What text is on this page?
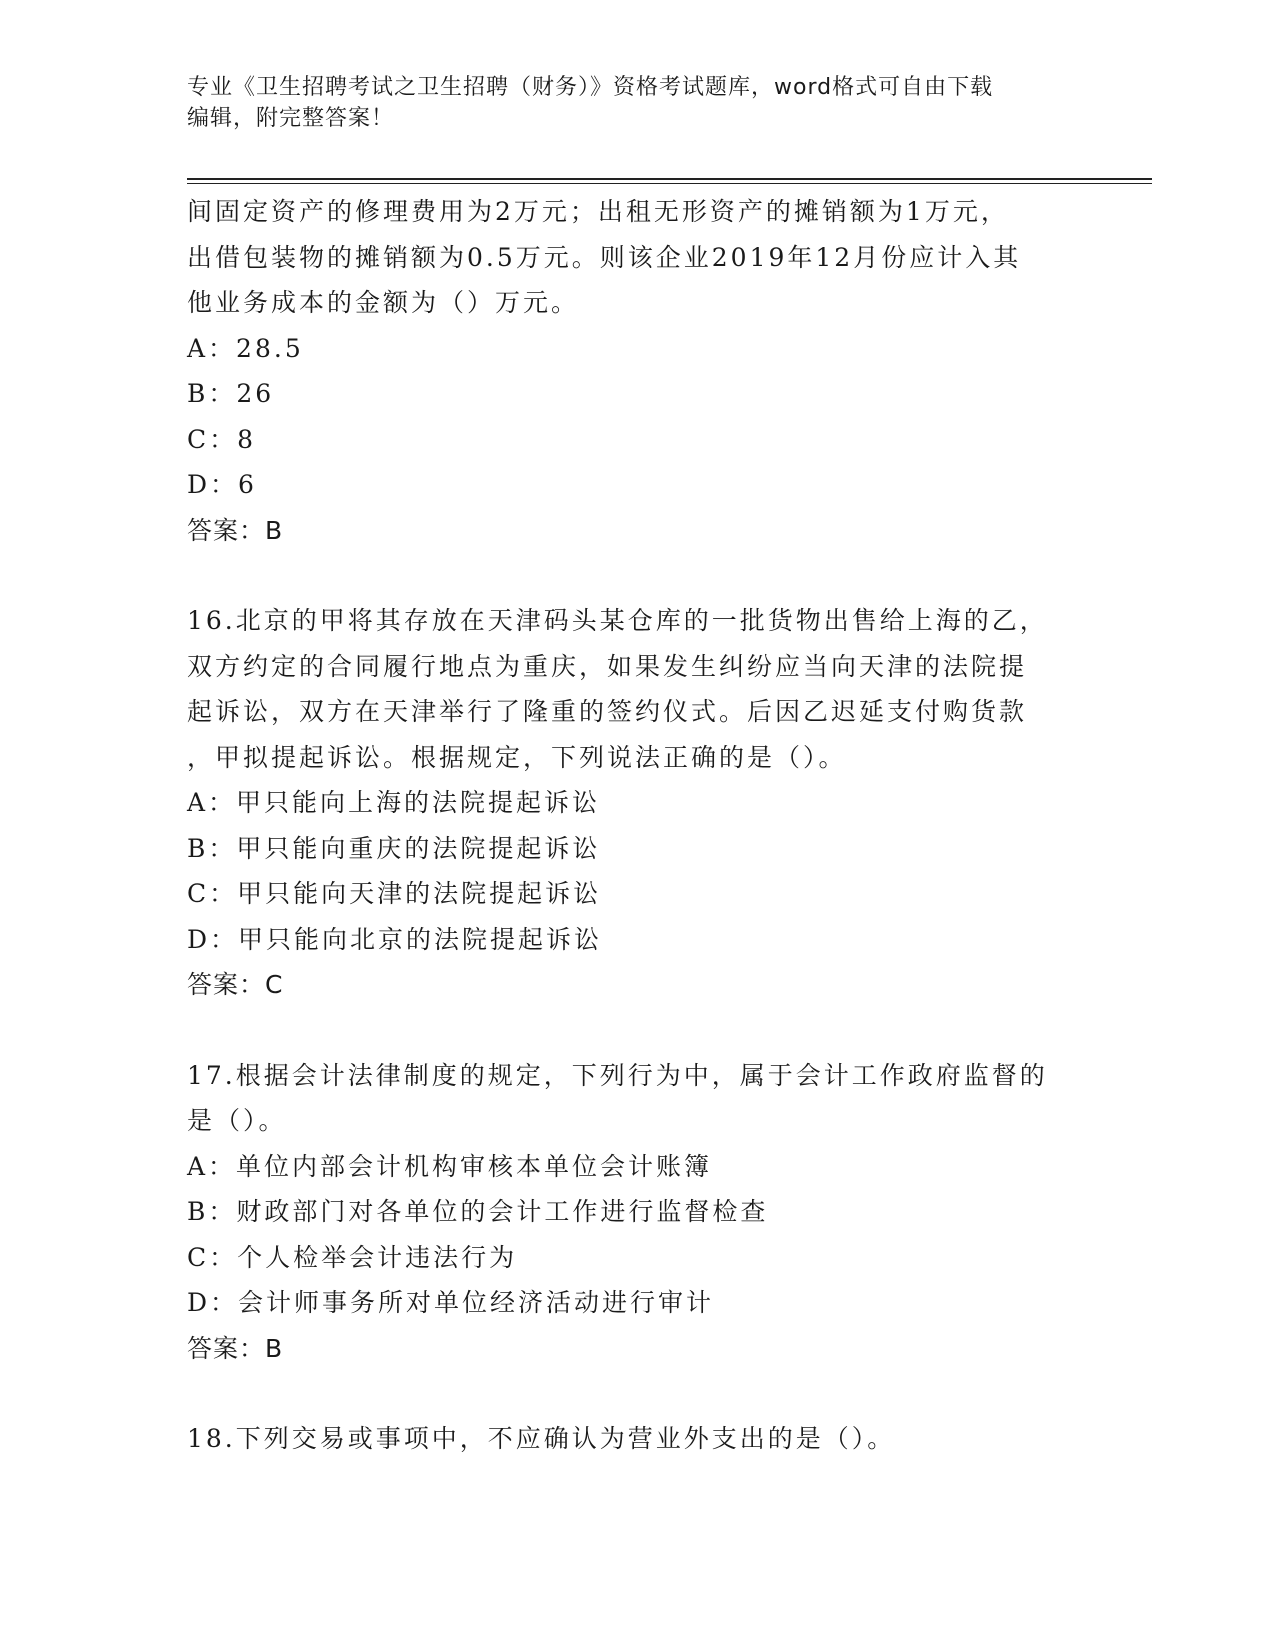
专业《卫生招聘考试之卫生招聘（财务）》资格考试题库，word格式可自由下载
编辑，附完整答案！
间固定资产的修理费用为2万元；出租无形资产的摊销额为1万元，
出借包装物的摊销额为0.5万元。则该企业2019年12月份应计入其
他业务成本的金额为（）万元。
A：28.5
B：26
C：8
D：6
答案：B
16.北京的甲将其存放在天津码头某仓库的一批货物出售给上海的乙，
双方约定的合同履行地点为重庆，如果发生纠纷应当向天津的法院提
起诉讼，双方在天津举行了隆重的签约仪式。后因乙迟延支付购货款
，甲拟提起诉讼。根据规定，下列说法正确的是（）。
A：甲只能向上海的法院提起诉讼
B：甲只能向重庆的法院提起诉讼
C：甲只能向天津的法院提起诉讼
D：甲只能向北京的法院提起诉讼
答案：C
17.根据会计法律制度的规定，下列行为中，属于会计工作政府监督的
是（）。
A：单位内部会计机构审核本单位会计账簿
B：财政部门对各单位的会计工作进行监督检查
C：个人检举会计违法行为
D：会计师事务所对单位经济活动进行审计
答案：B
18.下列交易或事项中，不应确认为营业外支出的是（）。
